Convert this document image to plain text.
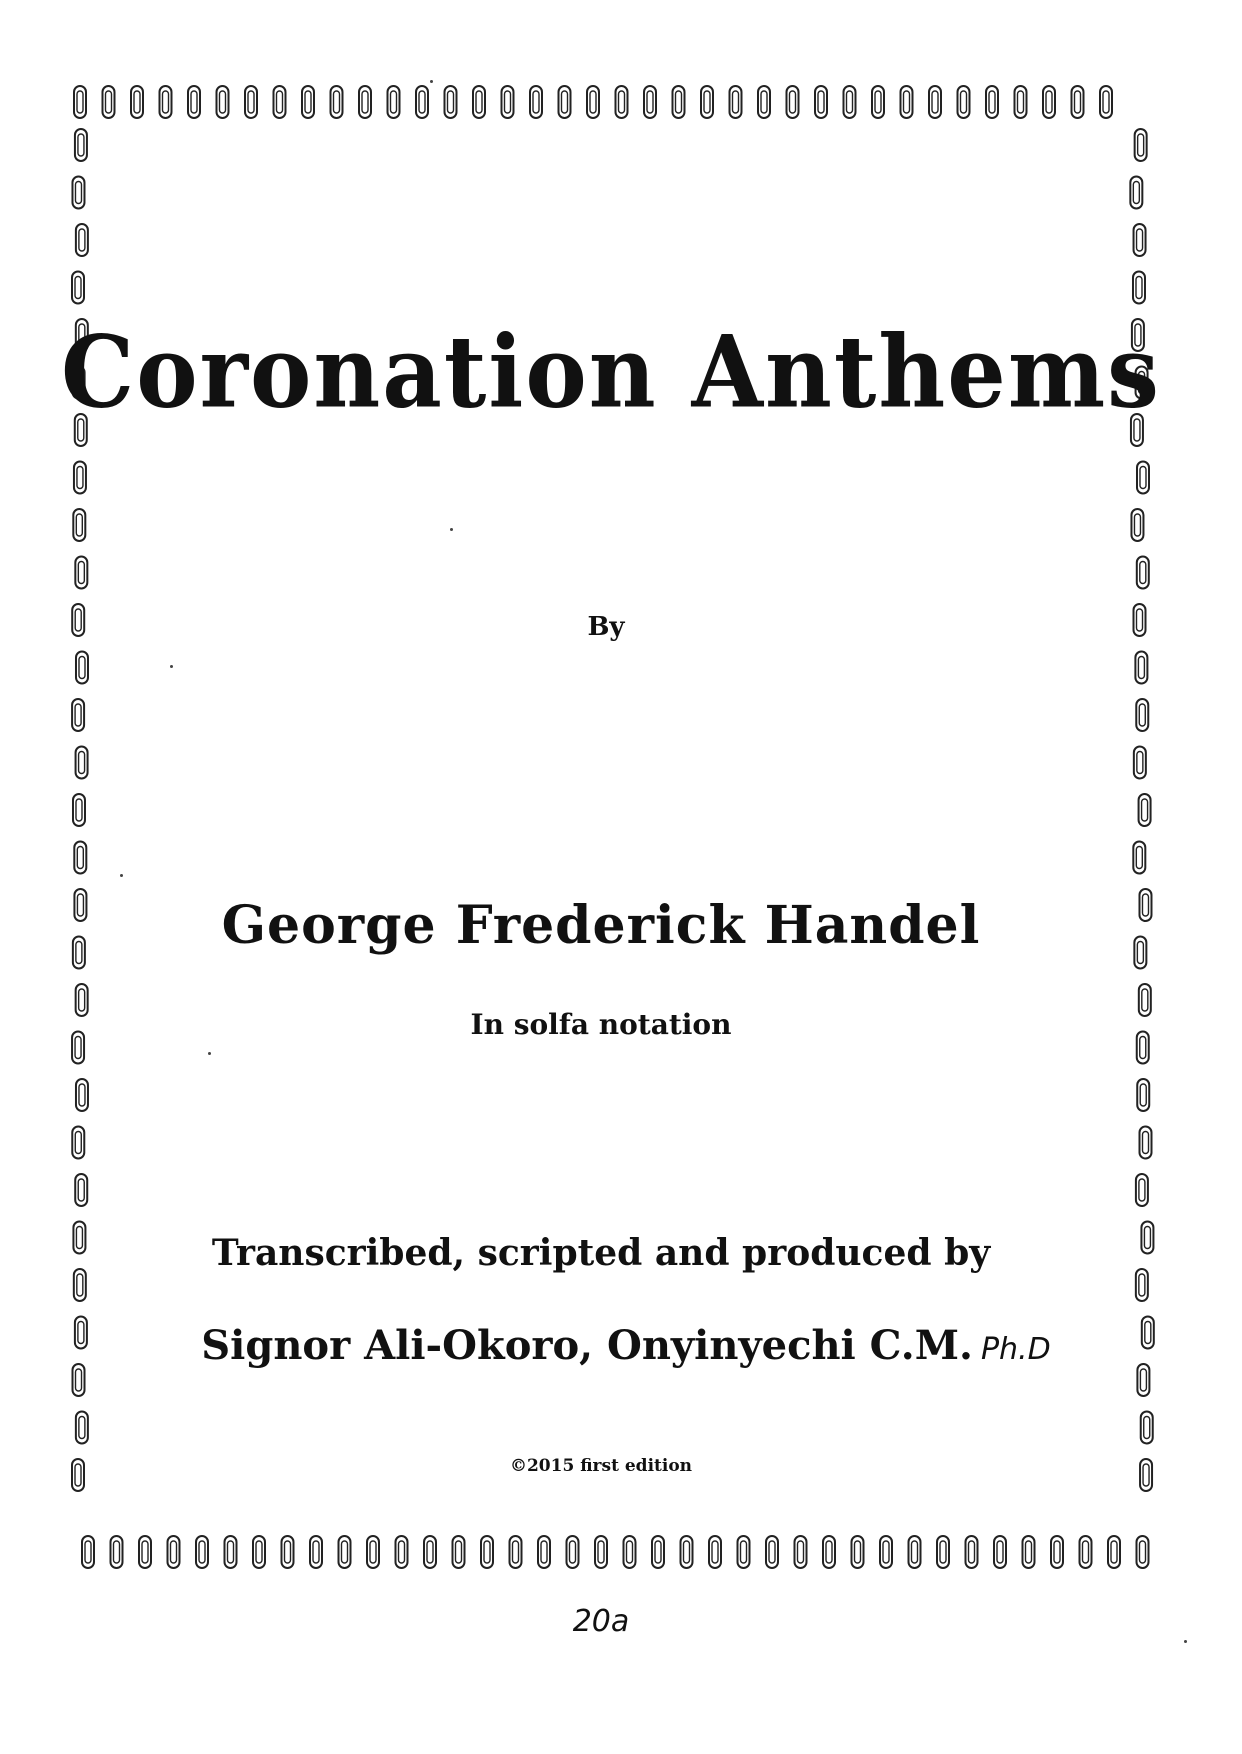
Coronation Anthems
By
George Frederick Handel
In solfa notation
Transcribed, scripted and produced by
Signor Ali-Okoro, Onyinyechi C.M. Ph.D
©2015 first edition
20a
